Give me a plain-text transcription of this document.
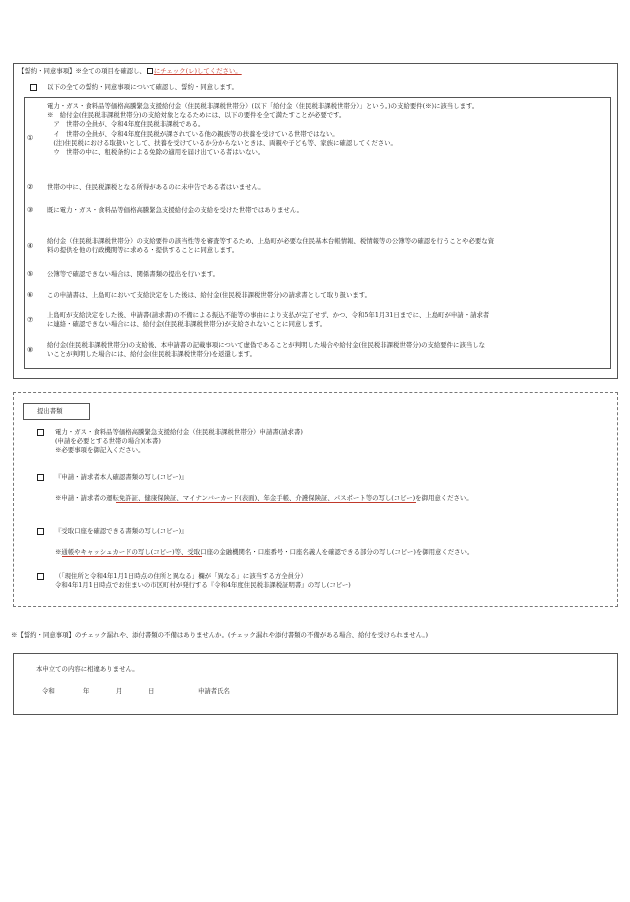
【誓約・同意事項】※全ての項目を確認し、 にチェック(レ)してください。
以下の全ての誓約・同意事項について確認し、誓約・同意します。
①
電力・ガス・食料品等価格高騰緊急支援給付金（住民税非課税世帯分）(以下「給付金（住民税非課税世帯分）」という。)の支給要件(※)に該当します。
※　給付金(住民税非課税世帯分)の支給対象となるためには、以下の要件を全て満たすことが必要です。
　ア　世帯の全員が、令和4年度住民税非課税である。
　イ　世帯の全員が、令和4年度住民税が課されている他の親族等の扶養を受けている世帯ではない。
　(注)住民税における取扱いとして、扶養を受けているか分からないときは、両親や子ども等、家族に確認してください。
　ウ　世帯の中に、租税条約による免除の適用を届け出ている者はいない。
② 世帯の中に、住民税課税となる所得があるのに未申告である者はいません。
③ 既に電力・ガス・食料品等価格高騰緊急支援給付金の支給を受けた世帯ではありません。
④
給付金（住民税非課税世帯分）の支給要件の該当性等を審査等するため、上島町が必要な住民基本台帳情報、税情報等の公簿等の確認を行うことや必要な資
料の提供を他の行政機関等に求める・提供することに同意します。
⑤ 公簿等で確認できない場合は、関係書類の提出を行います。
⑥ この申請書は、上島町において支給決定をした後は、給付金(住民税非課税世帯分)の請求書として取り扱います。
⑦
上島町が支給決定をした後、申請書(請求書)の不備による振込不能等の事由により支払が完了せず、かつ、令和5年1月31日までに、上島町が申請・請求者
に連絡・確認できない場合には、給付金(住民税非課税世帯分)が支給されないことに同意します。
⑧
給付金(住民税非課税世帯分)の支給後、本申請書の記載事項について虚偽であることが判明した場合や給付金(住民税非課税世帯分)の支給要件に該当しな
いことが判明した場合には、給付金(住民税非課税世帯分)を返還します。
提出書類
電力・ガス・食料品等価格高騰緊急支援給付金（住民税非課税世帯分）申請書(請求書)
(申請を必要とする世帯の場合)(本書)
※必要事項を御記入ください。
『申請・請求者本人確認書類の写し(コピー)』
※申請・請求者の運転免許証、健康保険証、マイナンバーカード(表面)、年金手帳、介護保険証、パスポート等の写し(コピー)を御用意ください。
『受取口座を確認できる書類の写し(コピー)』
※通帳やキャッシュカードの写し(コピー)等、受取口座の金融機関名・口座番号・口座名義人を確認できる部分の写し(コピー)を御用意ください。
（「現住所と令和4年1月1日時点の住所と異なる」欄が「異なる」に該当する方全員分）
令和4年1月1日時点でお住まいの市区町村が発行する『令和4年度住民税非課税証明書』の写し(コピー)
※【誓約・同意事項】のチェック漏れや、添付書類の不備はありませんか。(チェック漏れや添付書類の不備がある場合、給付を受けられません。)
本申立ての内容に相違ありません。
令和	年	月	日	申請者氏名
